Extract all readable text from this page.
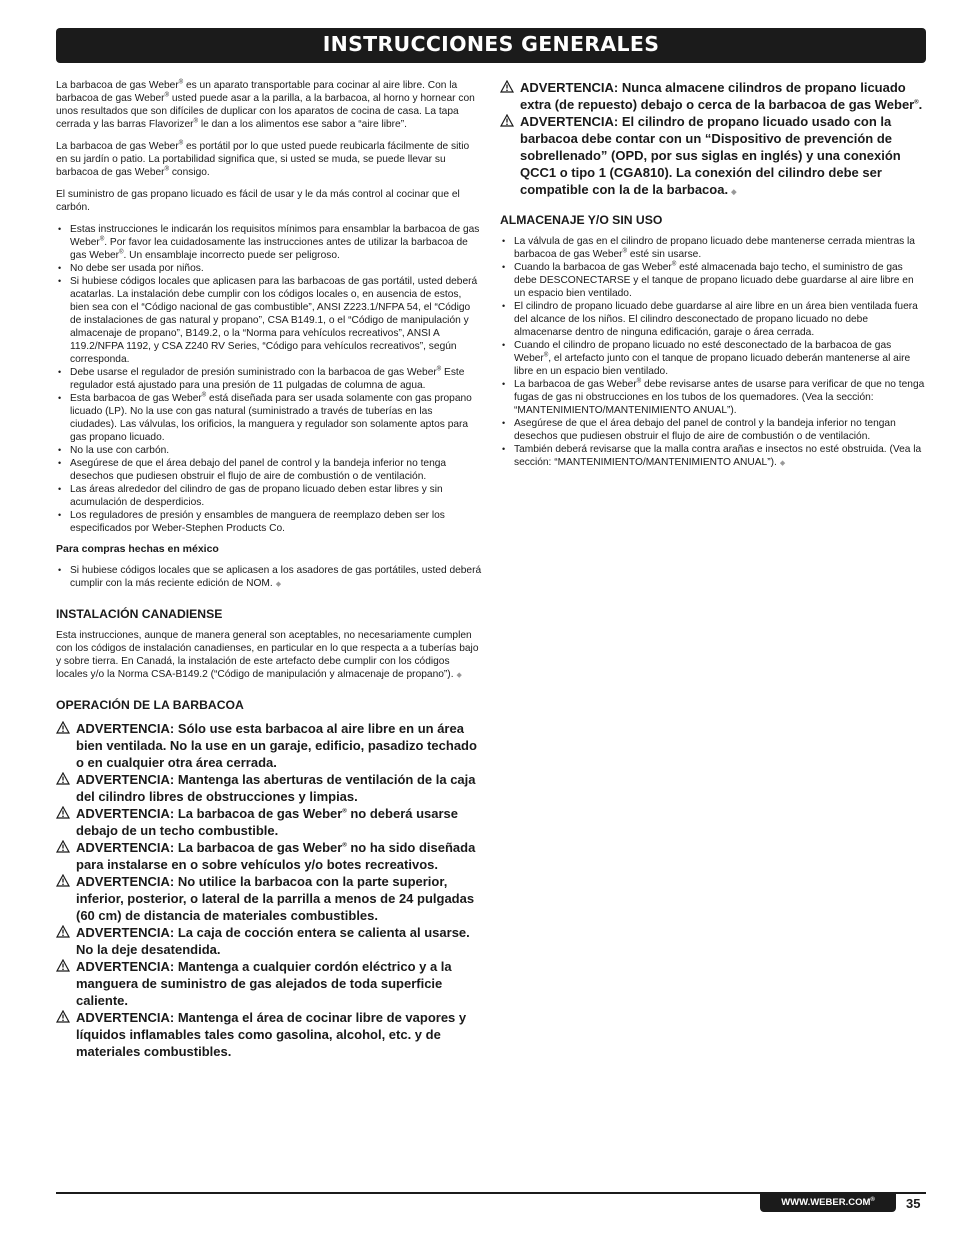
INSTRUCCIONES GENERALES

La barbacoa de gas Weber® es un aparato transportable para cocinar al aire libre. Con la barbacoa de gas Weber® usted puede asar a la parilla, a la barbacoa, al horno y hornear con unos resultados que son difíciles de duplicar con los aparatos de cocina de casa. La tapa cerrada y las barras Flavorizer® le dan a los alimentos ese sabor a “aire libre”.

La barbacoa de gas Weber® es portátil por lo que usted puede reubicarla fácilmente de sitio en su jardín o patio. La portabilidad significa que, si usted se muda, se puede llevar su barbacoa de gas Weber® consigo.

El suministro de gas propano licuado es fácil de usar y le da más control al cocinar que el carbón.

• Estas instrucciones le indicarán los requisitos mínimos para ensamblar la barbacoa de gas Weber®. Por favor lea cuidadosamente las instrucciones antes de utilizar la barbacoa de gas Weber®. Un ensamblaje incorrecto puede ser peligroso.
• No debe ser usada por niños.
• Si hubiese códigos locales que aplicasen para las barbacoas de gas portátil, usted deberá acatarlas. La instalación debe cumplir con los códigos locales o, en ausencia de estos, bien sea con el “Código nacional de gas combustible”, ANSI Z223.1/NFPA 54, el “Código de instalaciones de gas natural y propano”, CSA B149.1, o el “Código de manipulación y almacenaje de propano”, B149.2, o la “Norma para vehículos recreativos”, ANSI A 119.2/NFPA 1192, y CSA Z240 RV Series, “Código para vehículos recreativos”, según corresponda.
• Debe usarse el regulador de presión suministrado con la barbacoa de gas Weber® Este regulador está ajustado para una presión de 11 pulgadas de columna de agua.
• Esta barbacoa de gas Weber® está diseñada para ser usada solamente con gas propano licuado (LP). No la use con gas natural (suministrado a través de tuberías en las ciudades). Las válvulas, los orificios, la manguera y regulador son solamente aptos para gas propano licuado.
• No la use con carbón.
• Asegúrese de que el área debajo del panel de control y la bandeja inferior no tenga desechos que pudiesen obstruir el flujo de aire de combustión o de ventilación.
• Las áreas alrededor del cilindro de gas de propano licuado deben estar libres y sin acumulación de desperdicios.
• Los reguladores de presión y ensambles de manguera de reemplazo deben ser los especificados por Weber-Stephen Products Co.
Para compras hechas en méxico
• Si hubiese códigos locales que se aplicasen a los asadores de gas portátiles, usted deberá cumplir con la más reciente edición de NOM. ◆
INSTALACIÓN CANADIENSE

Esta instrucciones, aunque de manera general son aceptables, no necesariamente cumplen con los códigos de instalación canadienses, en particular en lo que respecta a a tuberías bajo y sobre tierra. En Canadá, la instalación de este artefacto debe cumplir con los códigos locales y/o la Norma CSA-B149.2 (“Código de manipulación y almacenaje de propano”). ◆

OPERACIÓN DE LA BARBACOA
ADVERTENCIA: Sólo use esta barbacoa al aire libre en un área bien ventilada. No la use en un garaje, edificio, pasadizo techado o en cualquier otra área cerrada.
ADVERTENCIA: Mantenga las aberturas de ventilación de la caja del cilindro libres de obstrucciones y limpias.
ADVERTENCIA: La barbacoa de gas Weber® no deberá usarse debajo de un techo combustible.
ADVERTENCIA: La barbacoa de gas Weber® no ha sido diseñada para instalarse en o sobre vehículos y/o botes recreativos.
ADVERTENCIA: No utilice la barbacoa con la parte superior, inferior, posterior, o lateral de la parrilla a menos de 24 pulgadas (60 cm) de distancia de materiales combustibles.
ADVERTENCIA: La caja de cocción entera se calienta al usarse. No la deje desatendida.
ADVERTENCIA: Mantenga a cualquier cordón eléctrico y a la manguera de suministro de gas alejados de toda superficie caliente.
ADVERTENCIA: Mantenga el área de cocinar libre de vapores y líquidos inflamables tales como gasolina, alcohol, etc. y de materiales combustibles.
ADVERTENCIA: Nunca almacene cilindros de propano licuado extra (de repuesto) debajo o cerca de la barbacoa de gas Weber®.
ADVERTENCIA: El cilindro de propano licuado usado con la barbacoa debe contar con un “Dispositivo de prevención de sobrellenado” (OPD, por sus siglas en inglés) y una conexión QCC1 o tipo 1 (CGA810). La conexión del cilindro debe ser compatible con la de la barbacoa. ◆
ALMACENAJE Y/O SIN USO
• La válvula de gas en el cilindro de propano licuado debe mantenerse cerrada mientras la barbacoa de gas Weber® esté sin usarse.
• Cuando la barbacoa de gas Weber® esté almacenada bajo techo, el suministro de gas debe DESCONECTARSE y el tanque de propano licuado debe guardarse al aire libre en un espacio bien ventilado.
• El cilindro de propano licuado debe guardarse al aire libre en un área bien ventilada fuera del alcance de los niños. El cilindro desconectado de propano licuado no debe almacenarse dentro de ninguna edificación, garaje o área cerrada.
• Cuando el cilindro de propano licuado no esté desconectado de la barbacoa de gas Weber®, el artefacto junto con el tanque de propano licuado deberán mantenerse al aire libre en un espacio bien ventilado.
• La barbacoa de gas Weber® debe revisarse antes de usarse para verificar de que no tenga fugas de gas ni obstrucciones en los tubos de los quemadores. (Vea la sección: “MANTENIMIENTO/MANTENIMIENTO ANUAL”).
• Asegúrese de que el área debajo del panel de control y la bandeja inferior no tengan desechos que pudiesen obstruir el flujo de aire de combustión o de ventilación.
• También deberá revisarse que la malla contra arañas e insectos no esté obstruida. (Vea la sección: “MANTENIMIENTO/MANTENIMIENTO ANUAL”). ◆
WWW.WEBER.COM®	35
